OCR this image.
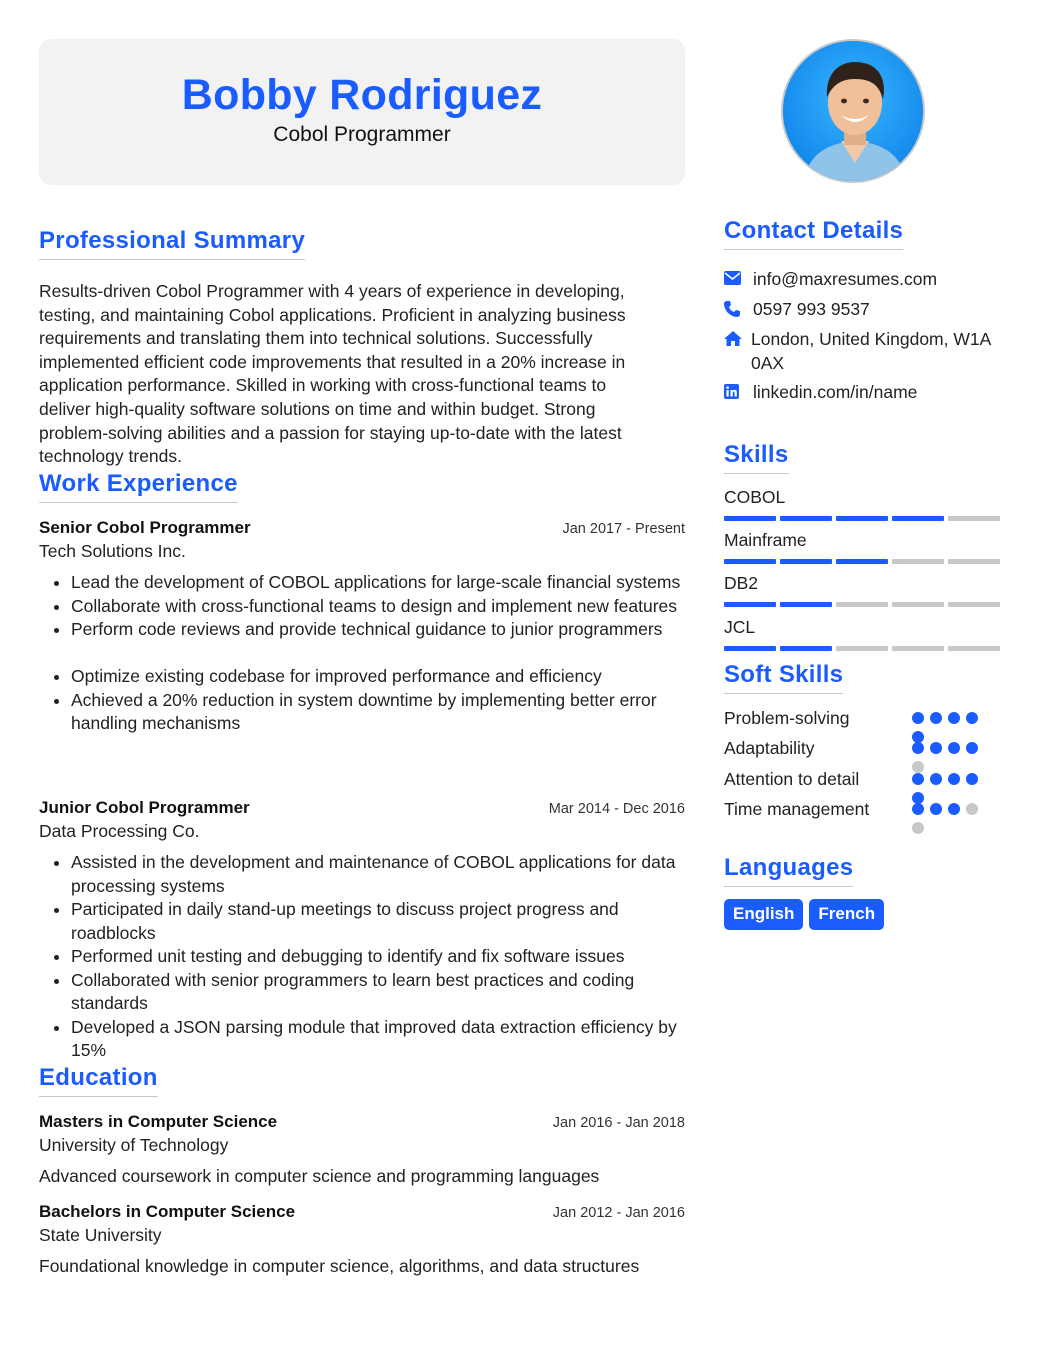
Bobby Rodriguez
Cobol Programmer
Professional Summary
Results-driven Cobol Programmer with 4 years of experience in developing, testing, and maintaining Cobol applications. Proficient in analyzing business requirements and translating them into technical solutions. Successfully implemented efficient code improvements that resulted in a 20% increase in application performance. Skilled in working with cross-functional teams to deliver high-quality software solutions on time and within budget. Strong problem-solving abilities and a passion for staying up-to-date with the latest technology trends.
Work Experience
Senior Cobol Programmer	Jan 2017 - Present
Tech Solutions Inc.
• Lead the development of COBOL applications for large-scale financial systems
• Collaborate with cross-functional teams to design and implement new features
• Perform code reviews and provide technical guidance to junior programmers
• Optimize existing codebase for improved performance and efficiency
• Achieved a 20% reduction in system downtime by implementing better error handling mechanisms
Junior Cobol Programmer	Mar 2014 - Dec 2016
Data Processing Co.
• Assisted in the development and maintenance of COBOL applications for data processing systems
• Participated in daily stand-up meetings to discuss project progress and roadblocks
• Performed unit testing and debugging to identify and fix software issues
• Collaborated with senior programmers to learn best practices and coding standards
• Developed a JSON parsing module that improved data extraction efficiency by 15%
Education
Masters in Computer Science	Jan 2016 - Jan 2018
University of Technology
Advanced coursework in computer science and programming languages
Bachelors in Computer Science	Jan 2012 - Jan 2016
State University
Foundational knowledge in computer science, algorithms, and data structures
Contact Details
info@maxresumes.com
0597 993 9537
London, United Kingdom, W1A 0AX
linkedin.com/in/name
Skills
COBOL
Mainframe
DB2
JCL
Soft Skills
Problem-solving
Adaptability
Attention to detail
Time management
Languages
English	French
